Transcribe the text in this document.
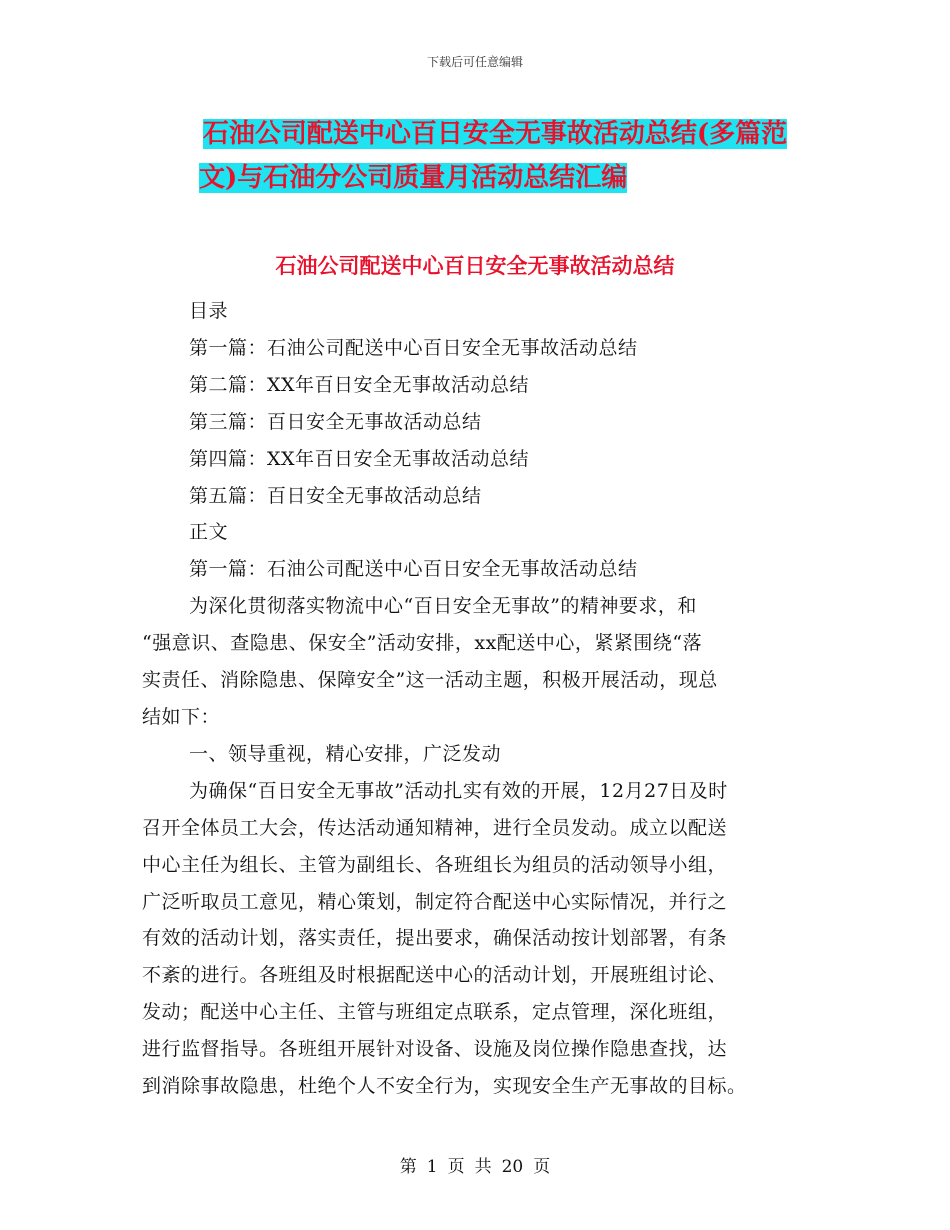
下载后可任意编辑
石油公司配送中心百日安全无事故活动总结(多篇范
文)与石油分公司质量月活动总结汇编
石油公司配送中心百日安全无事故活动总结
目录
第一篇：石油公司配送中心百日安全无事故活动总结
第二篇：XX年百日安全无事故活动总结
第三篇：百日安全无事故活动总结
第四篇：XX年百日安全无事故活动总结
第五篇：百日安全无事故活动总结
正文
第一篇：石油公司配送中心百日安全无事故活动总结
为深化贯彻落实物流中心“百日安全无事故”的精神要求，和
“强意识、查隐患、保安全”活动安排，xx配送中心，紧紧围绕“落
实责任、消除隐患、保障安全”这一活动主题，积极开展活动，现总
结如下：
一、领导重视，精心安排，广泛发动
为确保“百日安全无事故”活动扎实有效的开展，12月27日及时
召开全体员工大会，传达活动通知精神，进行全员发动。成立以配送
中心主任为组长、主管为副组长、各班组长为组员的活动领导小组，
广泛听取员工意见，精心策划，制定符合配送中心实际情况，并行之
有效的活动计划，落实责任，提出要求，确保活动按计划部署，有条
不紊的进行。各班组及时根据配送中心的活动计划，开展班组讨论、
发动；配送中心主任、主管与班组定点联系，定点管理，深化班组，
进行监督指导。各班组开展针对设备、设施及岗位操作隐患查找，达
到消除事故隐患，杜绝个人不安全行为，实现安全生产无事故的目标。
第 1 页 共 20 页
